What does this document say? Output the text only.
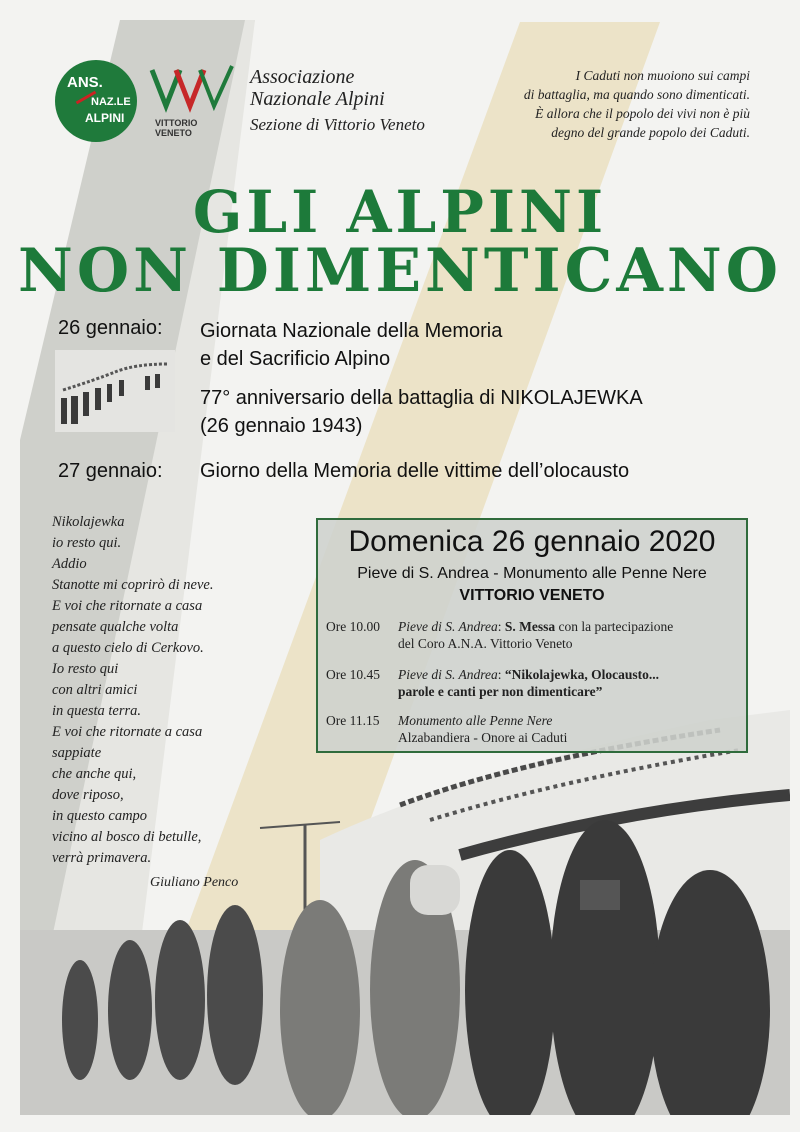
ANS.
NAZ.LE
ALPINI	VITTORIO
VENETO
Associazione
Nazionale Alpini
Sezione di Vittorio Veneto
I Caduti non muoiono sui campi
di battaglia, ma quando sono dimenticati.
È allora che il popolo dei vivi non è più
degno del grande popolo dei Caduti.
GLI ALPINI
NON DIMENTICANO
26 gennaio: Giornata Nazionale della Memoria
e del Sacrificio Alpino
77° anniversario della battaglia di NIKOLAJEWKA
(26 gennaio 1943)
27 gennaio: Giorno della Memoria delle vittime dell’olocausto
Nikolajewka
io resto qui.
Addio
Stanotte mi coprirò di neve.
E voi che ritornate a casa
pensate qualche volta
a questo cielo di Cerkovo.
Io resto qui
con altri amici
in questa terra.
E voi che ritornate a casa
sappiate
che anche qui,
dove riposo,
in questo campo
vicino al bosco di betulle,
verrà primavera.
Giuliano Penco
Domenica 26 gennaio 2020
Pieve di S. Andrea - Monumento alle Penne Nere
VITTORIO VENETO
Ore 10.00	Pieve di S. Andrea: S. Messa con la partecipazione
del Coro A.N.A. Vittorio Veneto
Ore 10.45	Pieve di S. Andrea: “Nikolajewka, Olocausto...
parole e canti per non dimenticare”
Ore 11.15	Monumento alle Penne Nere
Alzabandiera - Onore ai Caduti
